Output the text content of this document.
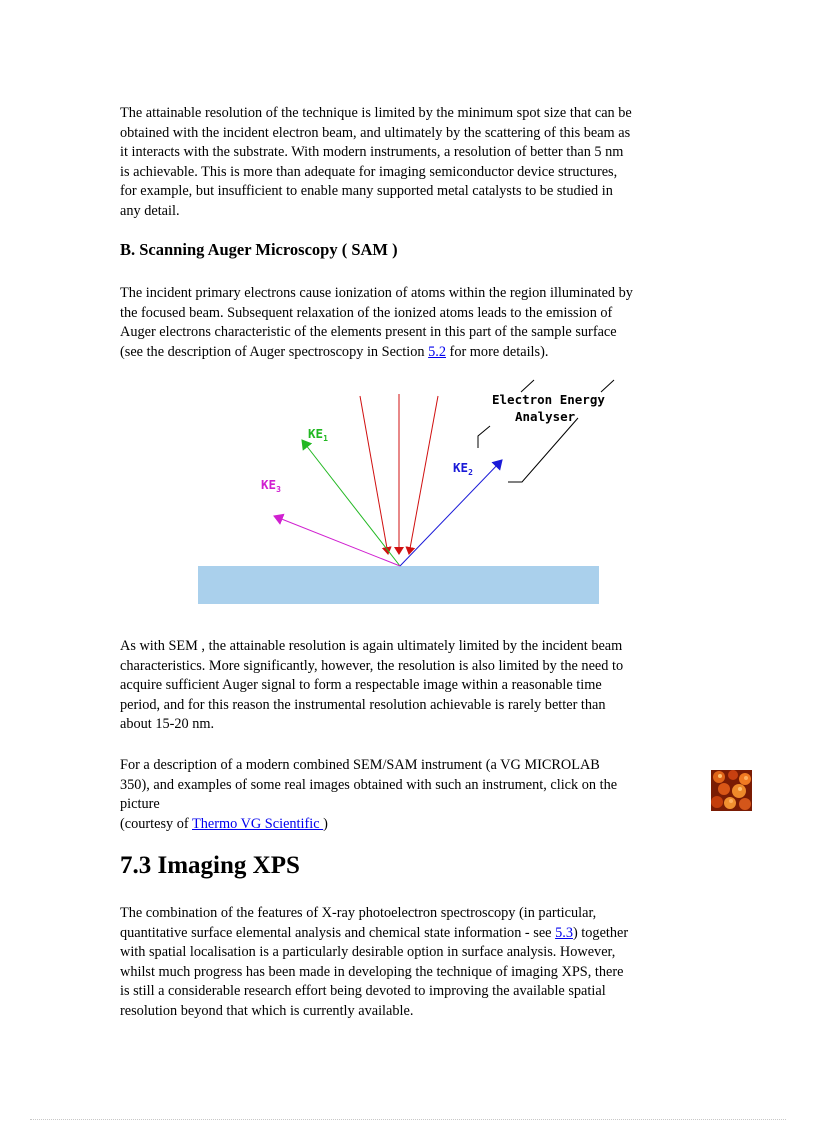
The attainable resolution of the technique is limited by the minimum spot size that can be
obtained with the incident electron beam, and ultimately by the scattering of this beam as
it interacts with the substrate. With modern instruments, a resolution of better than 5 nm
is achievable. This is more than adequate for imaging semiconductor device structures,
for example, but insufficient to enable many supported metal catalysts to be studied in
any detail.
B. Scanning Auger Microscopy ( SAM )
The incident primary electrons cause ionization of atoms within the region illuminated by
the focused beam. Subsequent relaxation of the ionized atoms leads to the emission of
Auger electrons characteristic of the elements present in this part of the sample surface
(see the description of Auger spectroscopy in Section 5.2 for more details).
$KE_1$
$KE_2$
$KE_3$
Electron Energy
Analyser
As with SEM , the attainable resolution is again ultimately limited by the incident beam
characteristics. More significantly, however, the resolution is also limited by the need to
acquire sufficient Auger signal to form a respectable image within a reasonable time
period, and for this reason the instrumental resolution achievable is rarely better than
about 15-20 nm.
For a description of a modern combined SEM/SAM instrument (a VG MICROLAB
350), and examples of some real images obtained with such an instrument, click on the
picture
(courtesy of Thermo VG Scientific )
7.3 Imaging XPS
The combination of the features of X-ray photoelectron spectroscopy (in particular,
quantitative surface elemental analysis and chemical state information - see 5.3) together
with spatial localisation is a particularly desirable option in surface analysis. However,
whilst much progress has been made in developing the technique of imaging XPS, there
is still a considerable research effort being devoted to improving the available spatial
resolution beyond that which is currently available.
